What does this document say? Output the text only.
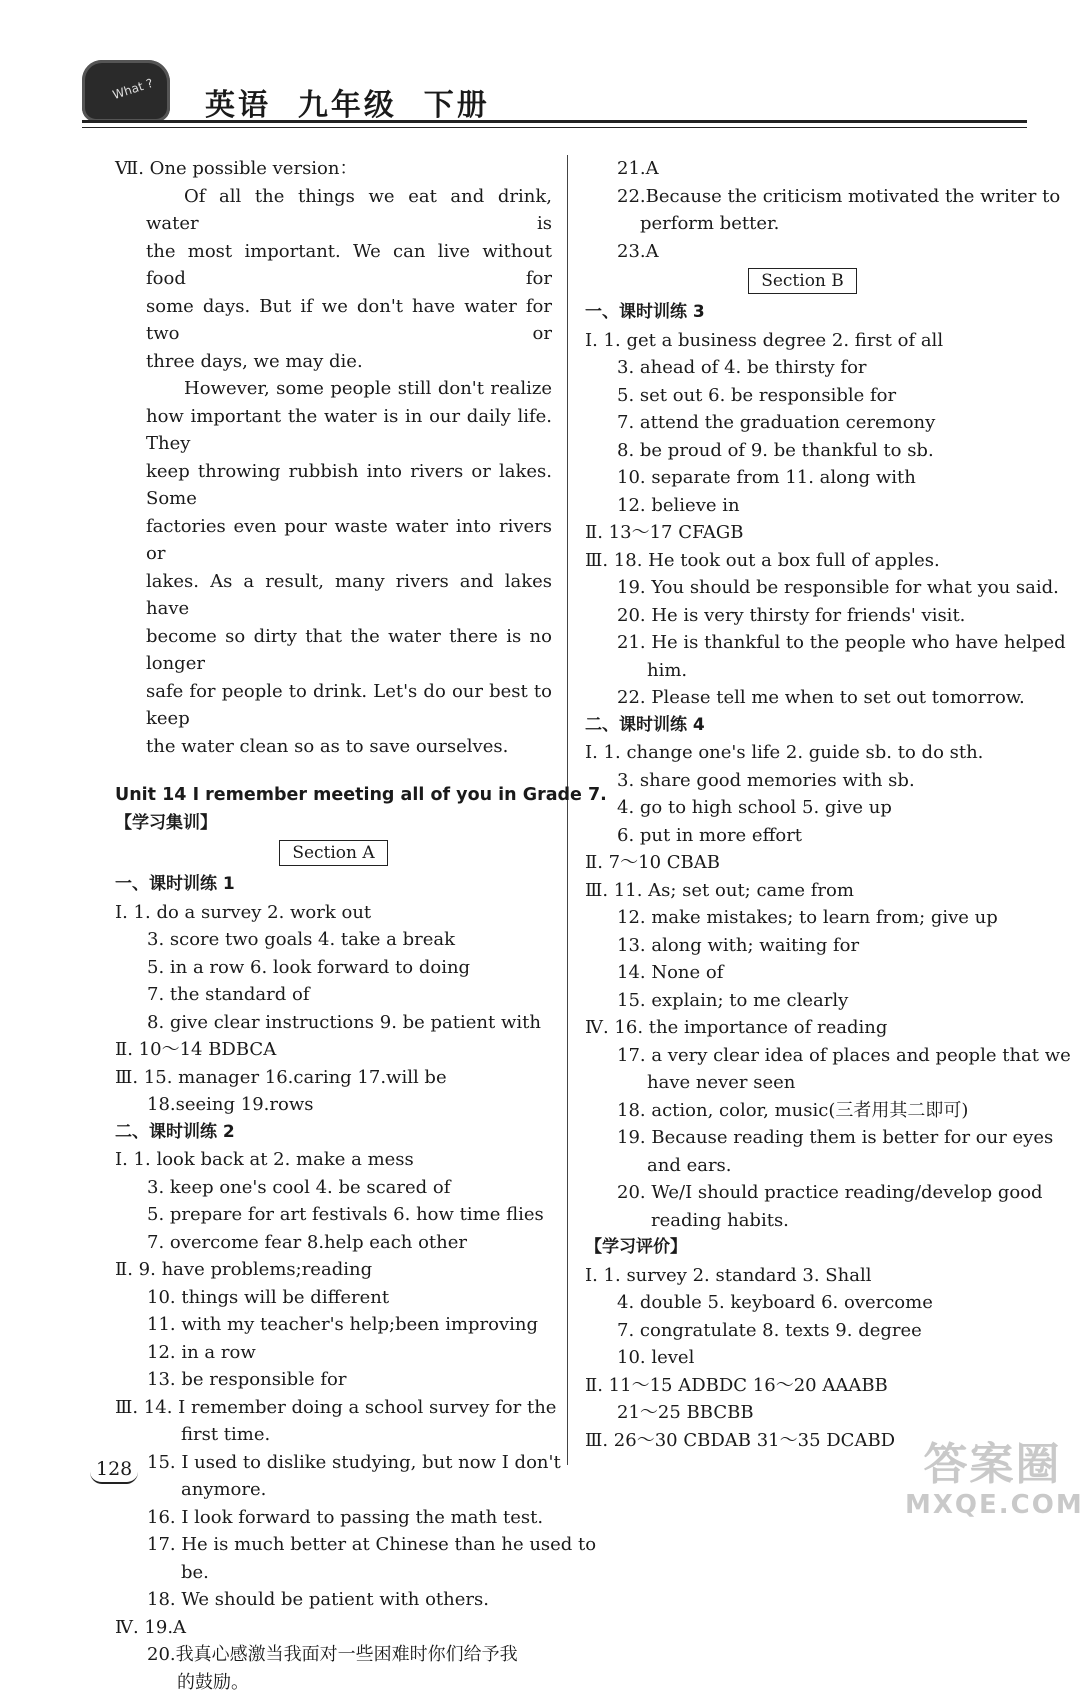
What ? 英语  九年级  下册
Ⅶ. One possible version：
Of all the things we eat and drink, water is
the most important. We can live without food for
some days. But if we don't have water for two or
three days, we may die.
However, some people still don't realize
how important the water is in our daily life. They
keep throwing rubbish into rivers or lakes. Some
factories even pour waste water into rivers or
lakes. As a result, many rivers and lakes have
become so dirty that the water there is no longer
safe for people to drink. Let's do our best to keep
the water clean so as to save ourselves.
Unit 14 I remember meeting all of you in Grade 7.
【学习集训】
Section A
一、课时训练 1
Ⅰ. 1. do a survey 2. work out
3. score two goals 4. take a break
5. in a row 6. look forward to doing
7. the standard of
8. give clear instructions 9. be patient with
Ⅱ. 10～14 BDBCA
Ⅲ. 15. manager 16.caring 17.will be
18.seeing 19.rows
二、课时训练 2
Ⅰ. 1. look back at 2. make a mess
3. keep one's cool 4. be scared of
5. prepare for art festivals 6. how time flies
7. overcome fear 8.help each other
Ⅱ. 9. have problems;reading
10. things will be different
11. with my teacher's help;been improving
12. in a row
13. be responsible for
Ⅲ. 14. I remember doing a school survey for the
first time.
15. I used to dislike studying, but now I don't
anymore.
16. I look forward to passing the math test.
17. He is much better at Chinese than he used to
be.
18. We should be patient with others.
Ⅳ. 19.A
20.我真心感激当我面对一些困难时你们给予我
的鼓励。
21.A
22.Because the criticism motivated the writer to
perform better.
23.A
Section B
一、课时训练 3
Ⅰ. 1. get a business degree 2. first of all
3. ahead of 4. be thirsty for
5. set out 6. be responsible for
7. attend the graduation ceremony
8. be proud of 9. be thankful to sb.
10. separate from 11. along with
12. believe in
Ⅱ. 13～17 CFAGB
Ⅲ. 18. He took out a box full of apples.
19. You should be responsible for what you said.
20. He is very thirsty for friends' visit.
21. He is thankful to the people who have helped
him.
22. Please tell me when to set out tomorrow.
二、课时训练 4
Ⅰ. 1. change one's life 2. guide sb. to do sth.
3. share good memories with sb.
4. go to high school 5. give up
6. put in more effort
Ⅱ. 7～10 CBAB
Ⅲ. 11. As; set out; came from
12. make mistakes; to learn from; give up
13. along with; waiting for
14. None of
15. explain; to me clearly
Ⅳ. 16. the importance of reading
17. a very clear idea of places and people that we
have never seen
18. action, color, music(三者用其二即可)
19. Because reading them is better for our eyes
and ears.
20. We/I should practice reading/develop good
reading habits.
【学习评价】
Ⅰ. 1. survey 2. standard 3. Shall
4. double 5. keyboard 6. overcome
7. congratulate 8. texts 9. degree
10. level
Ⅱ. 11～15 ADBDC 16～20 AAABB
21～25 BBCBB
Ⅲ. 26～30 CBDAB 31～35 DCABD
128	答案圈
MXQE.COM
